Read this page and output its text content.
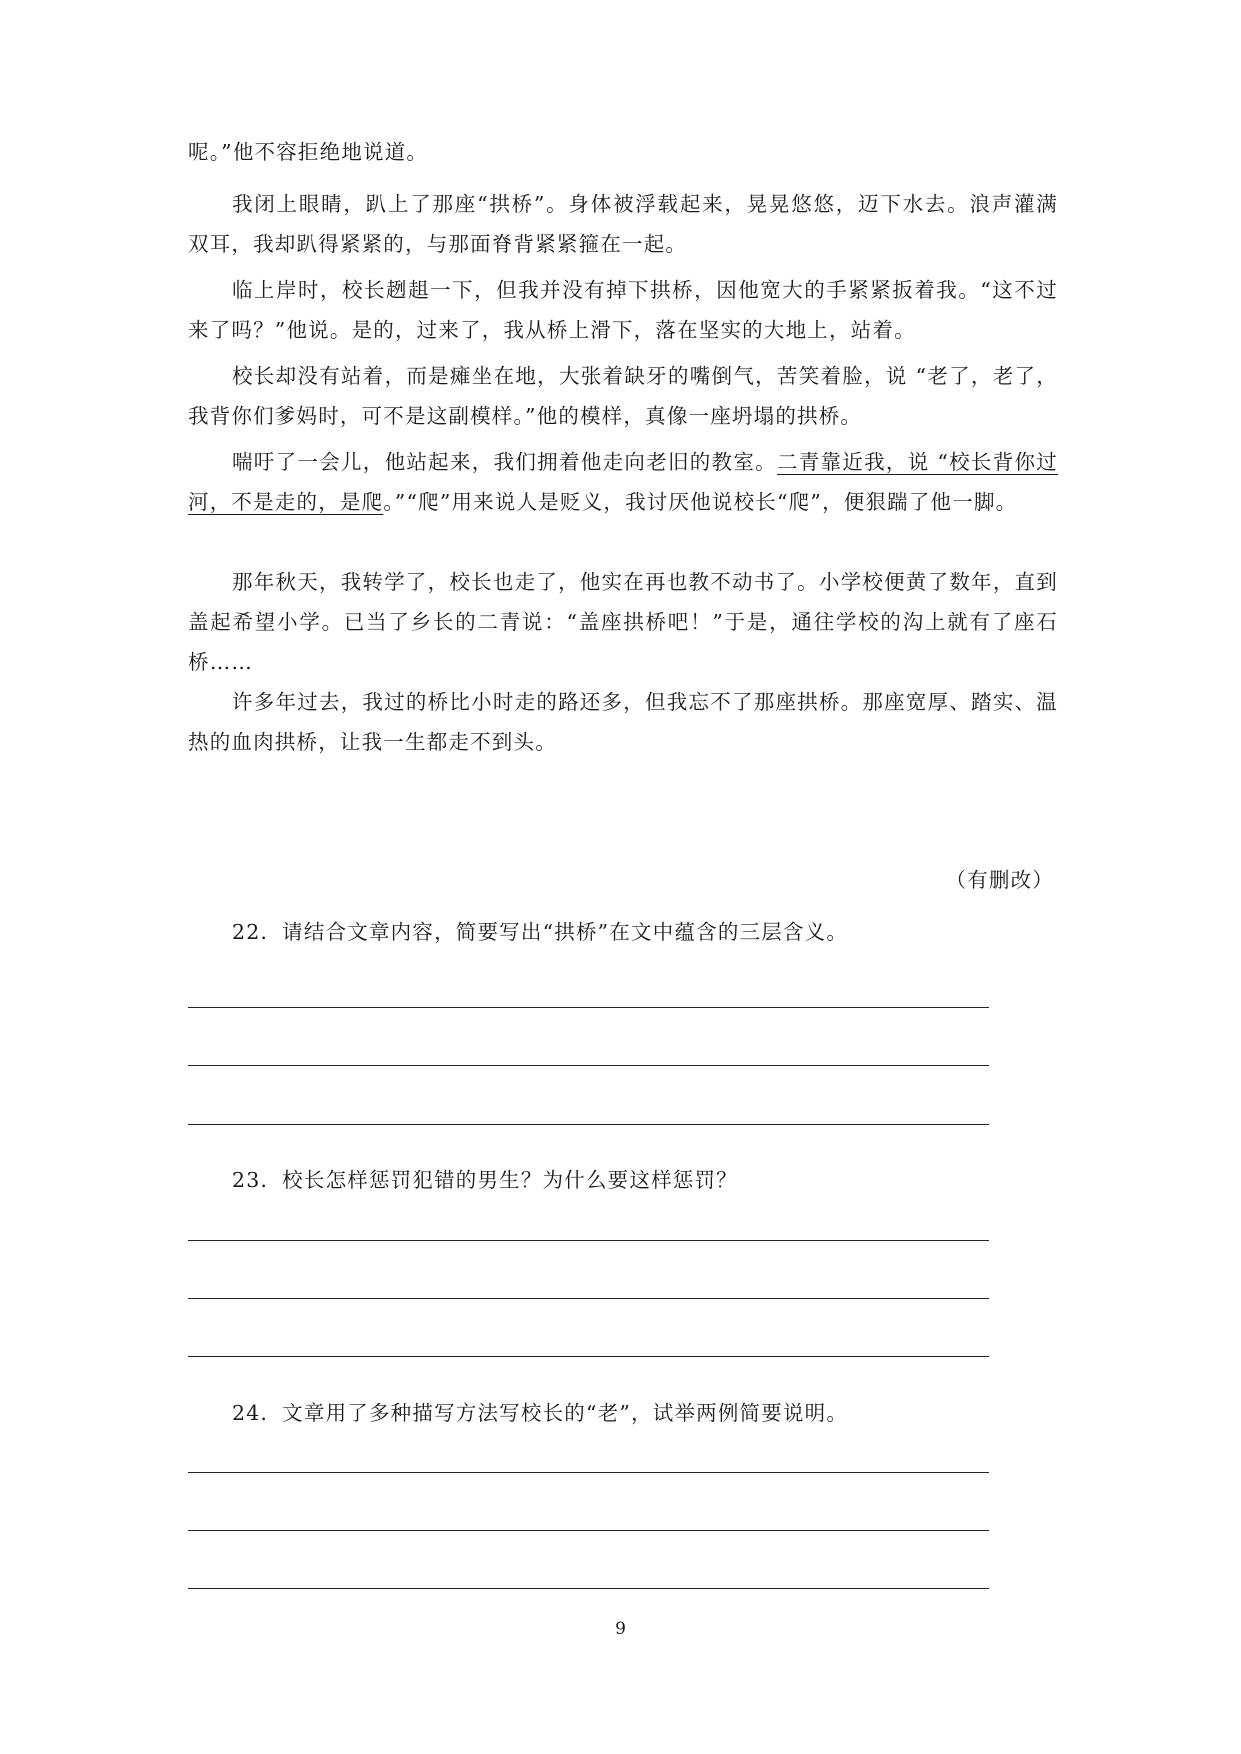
呢。”他不容拒绝地说道。

我闭上眼睛，趴上了那座“拱桥”。身体被浮载起来，晃晃悠悠，迈下水去。浪声灌满双耳，我却趴得紧紧的，与那面脊背紧紧箍在一起。

临上岸时，校长趔趄一下，但我并没有掉下拱桥，因他宽大的手紧紧扳着我。“这不过来了吗？”他说。是的，过来了，我从桥上滑下，落在坚实的大地上，站着。

校长却没有站着，而是瘫坐在地，大张着缺牙的嘴倒气，苦笑着脸，说 “老了，老了，我背你们爹妈时，可不是这副模样。”他的模样，真像一座坍塌的拱桥。

喘吁了一会儿，他站起来，我们拥着他走向老旧的教室。二青靠近我，说 “校长背你过河，不是走的，是爬。”“爬”用来说人是贬义，我讨厌他说校长“爬”，便狠踹了他一脚。

那年秋天，我转学了，校长也走了，他实在再也教不动书了。小学校便黄了数年，直到盖起希望小学。已当了乡长的二青说：“盖座拱桥吧！”于是，通往学校的沟上就有了座石桥……

许多年过去，我过的桥比小时走的路还多，但我忘不了那座拱桥。那座宽厚、踏实、温热的血肉拱桥，让我一生都走不到头。

（有删改）
22．请结合文章内容，简要写出“拱桥”在文中蕴含的三层含义。
23．校长怎样惩罚犯错的男生？为什么要这样惩罚？
24．文章用了多种描写方法写校长的“老”，试举两例简要说明。
9
